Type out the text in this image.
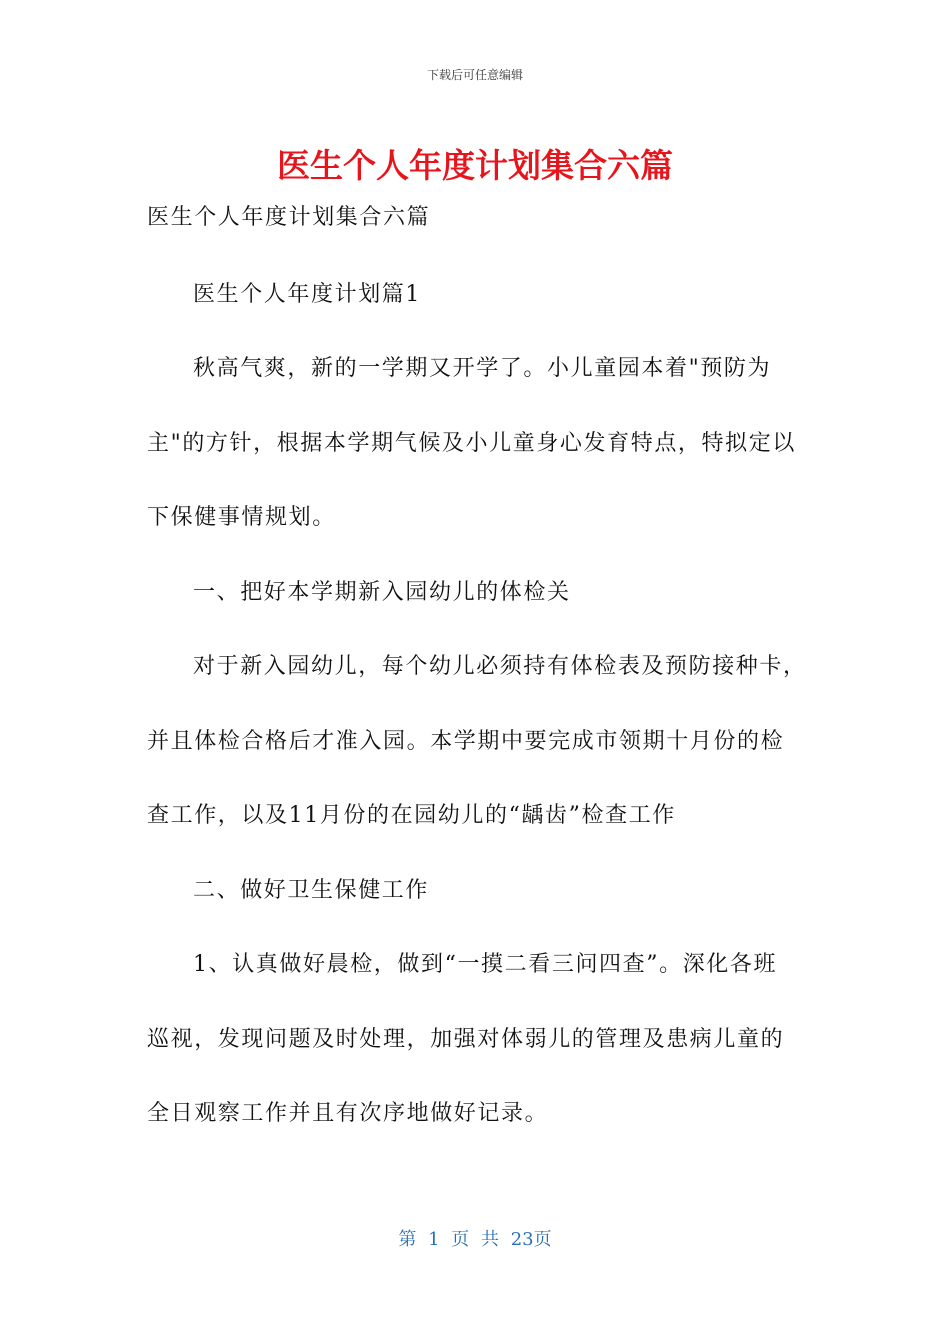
下载后可任意编辑
医生个人年度计划集合六篇
医生个人年度计划集合六篇
医生个人年度计划篇1
秋高气爽，新的一学期又开学了。小儿童园本着"预防为
主"的方针，根据本学期气候及小儿童身心发育特点，特拟定以
下保健事情规划。
一、把好本学期新入园幼儿的体检关
对于新入园幼儿，每个幼儿必须持有体检表及预防接种卡，
并且体检合格后才准入园。本学期中要完成市领期十月份的检
查工作，以及11月份的在园幼儿的“龋齿”检查工作
二、做好卫生保健工作
1、认真做好晨检，做到“一摸二看三问四查”。深化各班
巡视，发现问题及时处理，加强对体弱儿的管理及患病儿童的
全日观察工作并且有次序地做好记录。
第 1 页 共 23页
